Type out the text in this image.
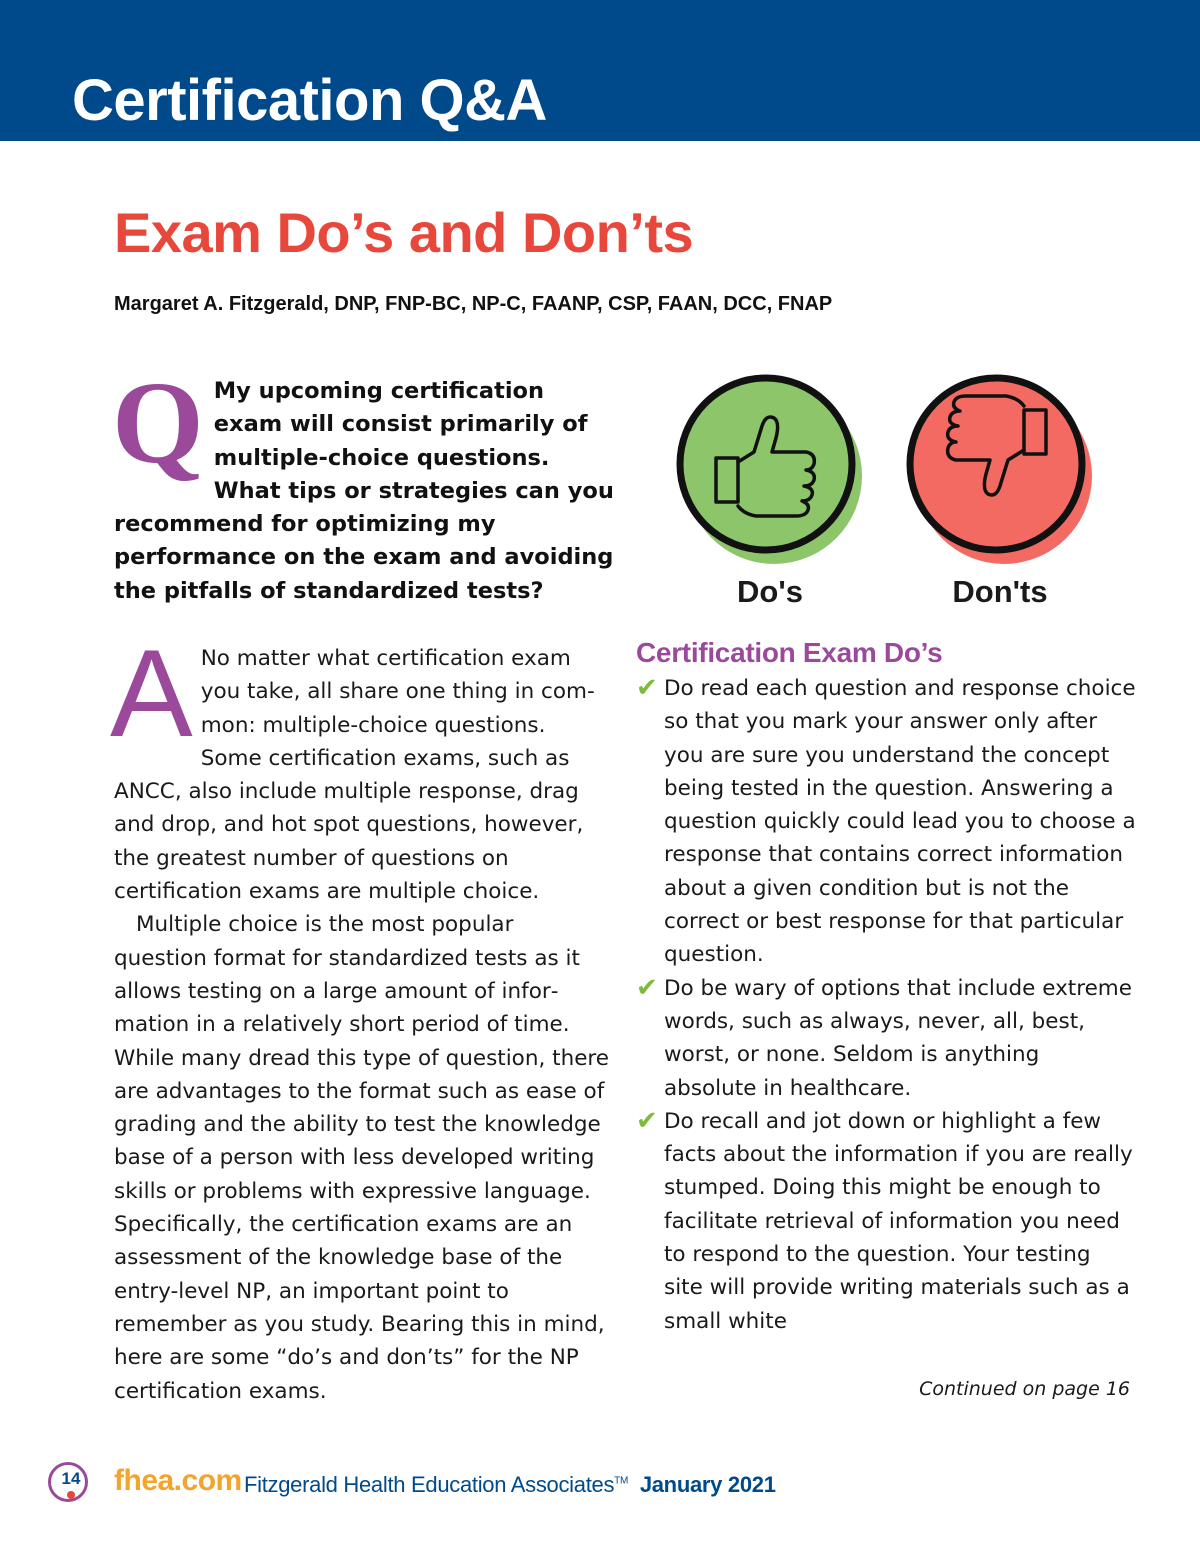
Certification Q&A
Exam Do’s and Don’ts
Margaret A. Fitzgerald, DNP, FNP-BC, NP-C, FAANP, CSP, FAAN, DCC, FNAP
Q My upcoming certification exam will consist primarily of multiple-choice questions. What tips or strategies can you recommend for optimizing my performance on the exam and avoiding the pitfalls of standardized tests?	Do's	Don'ts

A No matter what certification exam you take, all share one thing in common: multiple-choice questions. Some certification exams, such as ANCC, also include multiple response, drag and drop, and hot spot questions, however, the greatest number of questions on certification exams are multiple choice.

Multiple choice is the most popular question format for standardized tests as it allows testing on a large amount of information in a relatively short period of time. While many dread this type of question, there are advantages to the format such as ease of grading and the ability to test the knowledge base of a person with less developed writing skills or problems with expressive language. Specifically, the certification exams are an assessment of the knowledge base of the entry-level NP, an important point to remember as you study. Bearing this in mind, here are some “do’s and don’ts” for the NP certification exams.

Certification Exam Do’s
✔ Do read each question and response choice so that you mark your answer only after you are sure you understand the concept being tested in the question. Answering a question quickly could lead you to choose a response that contains correct information about a given condition but is not the correct or best response for that particular question.
✔ Do be wary of options that include extreme words, such as always, never, all, best, worst, or none. Seldom is anything absolute in healthcare.
✔ Do recall and jot down or highlight a few facts about the information if you are really stumped. Doing this might be enough to facilitate retrieval of information you need to respond to the question. Your testing site will provide writing materials such as a small white
Continued on page 16
14	fhea.com Fitzgerald Health Education Associates™ January 2021
